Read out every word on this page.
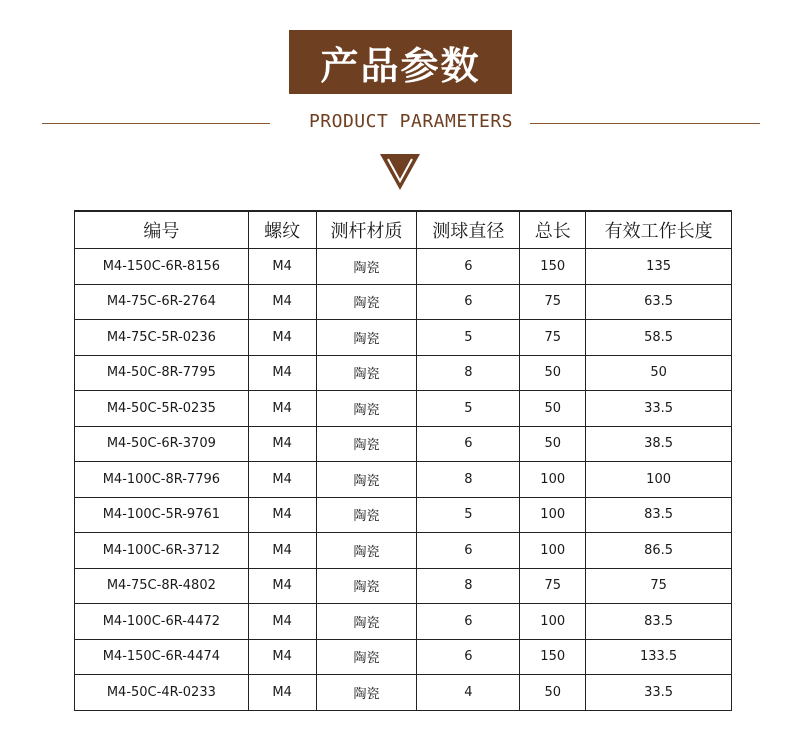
产品参数
PRODUCT PARAMETERS
编号	螺纹	测杆材质	测球直径	总长	有效工作长度
M4-150C-6R-8156	M4	陶瓷	6	150	135
M4-75C-6R-2764	M4	陶瓷	6	75	63.5
M4-75C-5R-0236	M4	陶瓷	5	75	58.5
M4-50C-8R-7795	M4	陶瓷	8	50	50
M4-50C-5R-0235	M4	陶瓷	5	50	33.5
M4-50C-6R-3709	M4	陶瓷	6	50	38.5
M4-100C-8R-7796	M4	陶瓷	8	100	100
M4-100C-5R-9761	M4	陶瓷	5	100	83.5
M4-100C-6R-3712	M4	陶瓷	6	100	86.5
M4-75C-8R-4802	M4	陶瓷	8	75	75
M4-100C-6R-4472	M4	陶瓷	6	100	83.5
M4-150C-6R-4474	M4	陶瓷	6	150	133.5
M4-50C-4R-0233	M4	陶瓷	4	50	33.5
